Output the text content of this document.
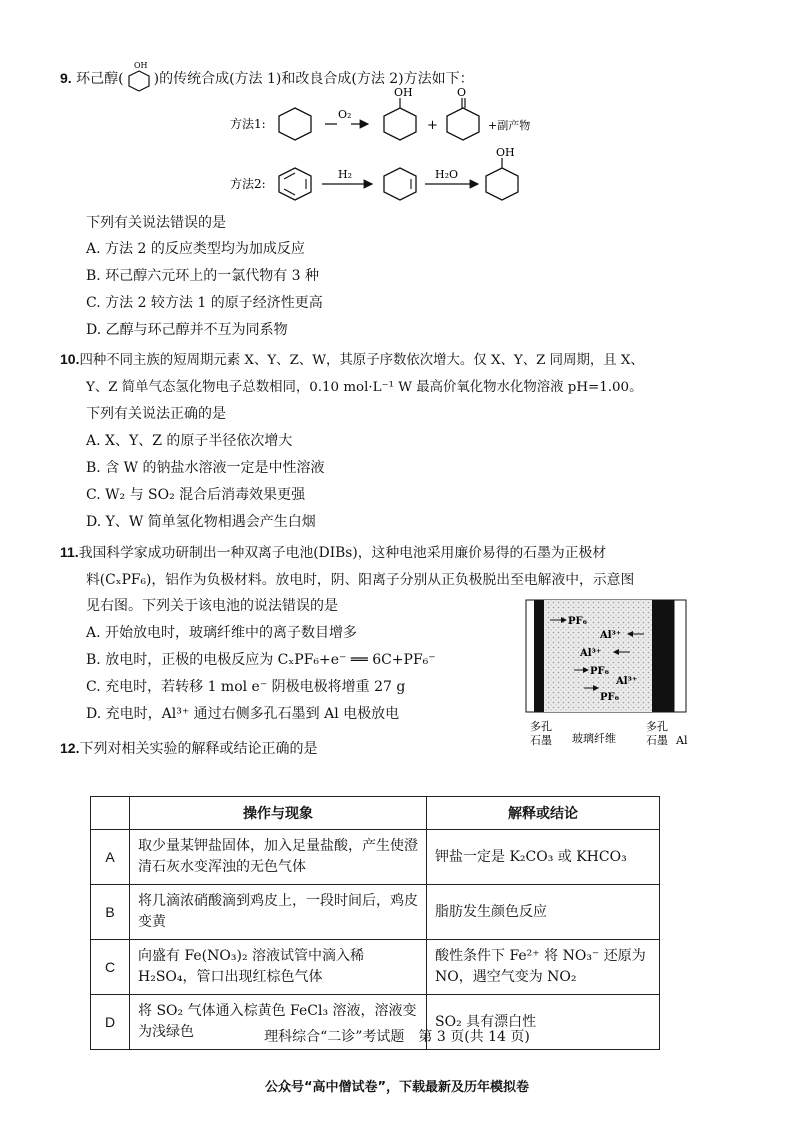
9. 环己醇(
OH
)的传统合成(方法 1)和改良合成(方法 2)方法如下：
方法1:
O₂
OH
+
O
+副产物
方法2:
H₂	H₂O
OH
下列有关说法错误的是
A. 方法 2 的反应类型均为加成反应
B. 环己醇六元环上的一氯代物有 3 种
C. 方法 2 较方法 1 的原子经济性更高
D. 乙醇与环己醇并不互为同系物
10.四种不同主族的短周期元素 X、Y、Z、W，其原子序数依次增大。仅 X、Y、Z 同周期，且 X、
Y、Z 简单气态氢化物电子总数相同，0.10 mol·L⁻¹ W 最高价氧化物水化物溶液 pH=1.00。
下列有关说法正确的是
A. X、Y、Z 的原子半径依次增大
B. 含 W 的钠盐水溶液一定是中性溶液
C. W₂ 与 SO₂ 混合后消毒效果更强
D. Y、W 简单氢化物相遇会产生白烟
11.我国科学家成功研制出一种双离子电池(DIBs)，这种电池采用廉价易得的石墨为正极材
料(CₓPF₆)，铝作为负极材料。放电时，阴、阳离子分别从正负极脱出至电解液中，示意图
见右图。下列关于该电池的说法错误的是
A. 开始放电时，玻璃纤维中的离子数目增多
B. 放电时，正极的电极反应为 CₓPF₆+e⁻ ══ 6C+PF₆⁻
C. 充电时，若转移 1 mol e⁻ 阴极电极将增重 27 g
D. 充电时，Al³⁺ 通过右侧多孔石墨到 Al 电极放电
PF₆
Al³⁺
Al³⁺
PF₆
Al³⁺
PF₆
多孔
石墨 玻璃纤维
多孔
石墨 Al
12.下列对相关实验的解释或结论正确的是
	操作与现象	解释或结论
A	取少量某钾盐固体，加入足量盐酸，产生使澄清石灰水变浑浊的无色气体	钾盐一定是 K₂CO₃ 或 KHCO₃
B	将几滴浓硝酸滴到鸡皮上，一段时间后，鸡皮变黄	脂肪发生颜色反应
C	向盛有 Fe(NO₃)₂ 溶液试管中滴入稀 H₂SO₄，管口出现红棕色气体	酸性条件下 Fe²⁺ 将 NO₃⁻ 还原为 NO，遇空气变为 NO₂
D	将 SO₂ 气体通入棕黄色 FeCl₃ 溶液，溶液变为浅绿色	SO₂ 具有漂白性
理科综合“二诊”考试题　第 3 页(共 14 页)
公众号“高中僧试卷”，下载最新及历年模拟卷
